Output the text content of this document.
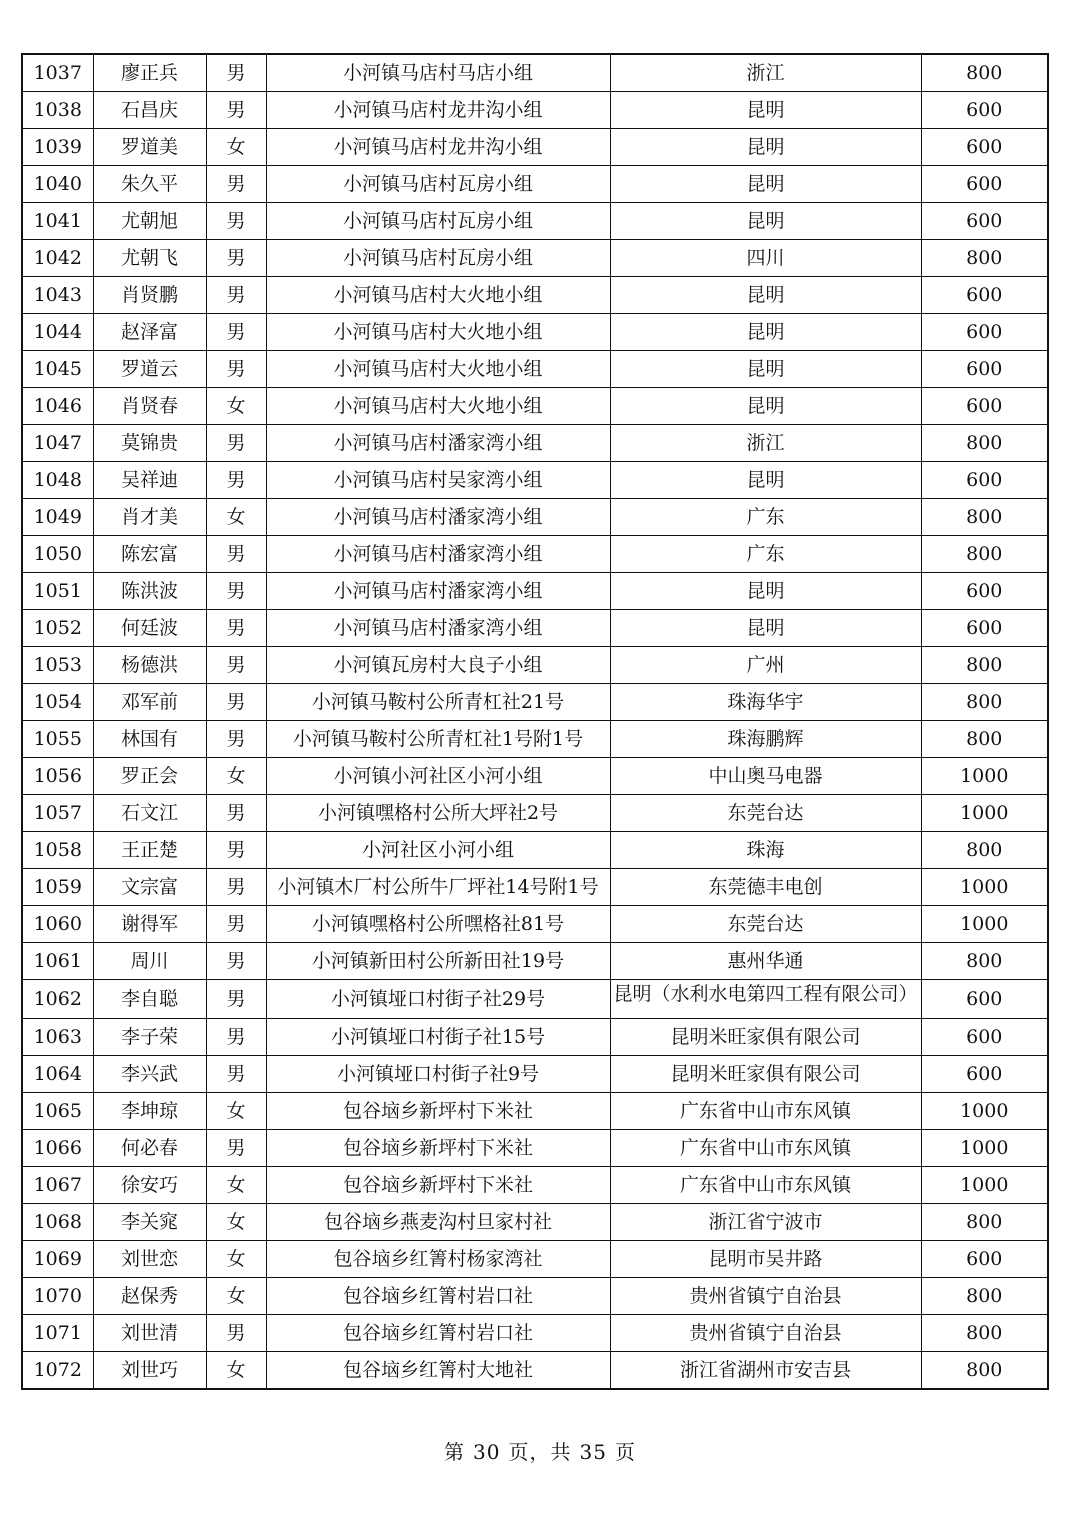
1037	廖正兵	男	小河镇马店村马店小组	浙江	800
1038	石昌庆	男	小河镇马店村龙井沟小组	昆明	600
1039	罗道美	女	小河镇马店村龙井沟小组	昆明	600
1040	朱久平	男	小河镇马店村瓦房小组	昆明	600
1041	尤朝旭	男	小河镇马店村瓦房小组	昆明	600
1042	尤朝飞	男	小河镇马店村瓦房小组	四川	800
1043	肖贤鹏	男	小河镇马店村大火地小组	昆明	600
1044	赵泽富	男	小河镇马店村大火地小组	昆明	600
1045	罗道云	男	小河镇马店村大火地小组	昆明	600
1046	肖贤春	女	小河镇马店村大火地小组	昆明	600
1047	莫锦贵	男	小河镇马店村潘家湾小组	浙江	800
1048	吴祥迪	男	小河镇马店村吴家湾小组	昆明	600
1049	肖才美	女	小河镇马店村潘家湾小组	广东	800
1050	陈宏富	男	小河镇马店村潘家湾小组	广东	800
1051	陈洪波	男	小河镇马店村潘家湾小组	昆明	600
1052	何廷波	男	小河镇马店村潘家湾小组	昆明	600
1053	杨德洪	男	小河镇瓦房村大良子小组	广州	800
1054	邓军前	男	小河镇马鞍村公所青杠社21号	珠海华宇	800
1055	林国有	男	小河镇马鞍村公所青杠社1号附1号	珠海鹏辉	800
1056	罗正会	女	小河镇小河社区小河小组	中山奥马电器	1000
1057	石文江	男	小河镇嘿格村公所大坪社2号	东莞台达	1000
1058	王正楚	男	小河社区小河小组	珠海	800
1059	文宗富	男	小河镇木厂村公所牛厂坪社14号附1号	东莞德丰电创	1000
1060	谢得军	男	小河镇嘿格村公所嘿格社81号	东莞台达	1000
1061	周川	男	小河镇新田村公所新田社19号	惠州华通	800
1062	李自聪	男	小河镇垭口村街子社29号	昆明（水利水电第四工程有限公司）	600
1063	李子荣	男	小河镇垭口村街子社15号	昆明米旺家俱有限公司	600
1064	李兴武	男	小河镇垭口村街子社9号	昆明米旺家俱有限公司	600
1065	李坤琼	女	包谷垴乡新坪村下米社	广东省中山市东风镇	1000
1066	何必春	男	包谷垴乡新坪村下米社	广东省中山市东风镇	1000
1067	徐安巧	女	包谷垴乡新坪村下米社	广东省中山市东风镇	1000
1068	李关窕	女	包谷垴乡燕麦沟村旦家村社	浙江省宁波市	800
1069	刘世恋	女	包谷垴乡红箐村杨家湾社	昆明市吴井路	600
1070	赵保秀	女	包谷垴乡红箐村岩口社	贵州省镇宁自治县	800
1071	刘世清	男	包谷垴乡红箐村岩口社	贵州省镇宁自治县	800
1072	刘世巧	女	包谷垴乡红箐村大地社	浙江省湖州市安吉县	800
第 30 页，共 35 页
